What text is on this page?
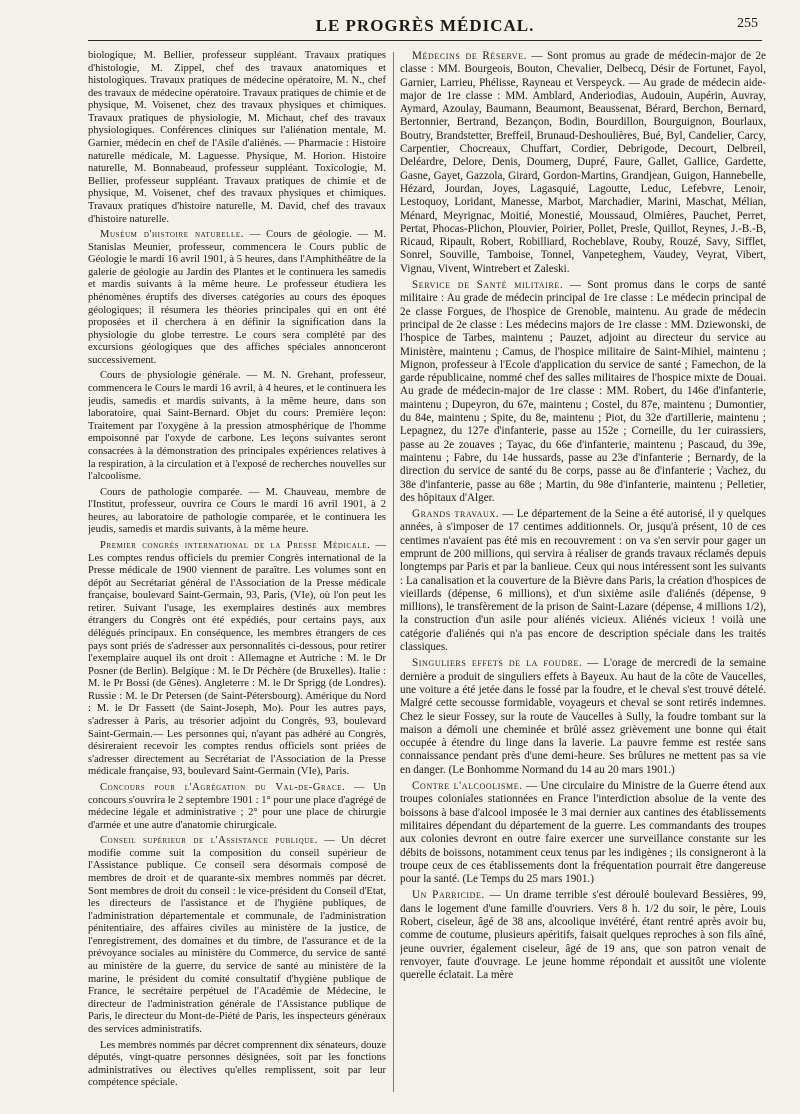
LE PROGRÈS MÉDICAL.	255

biologique, M. Bellier, professeur suppléant. Travaux pratiques d'histologie, M. Zippel, chef des travaux anatomiques et histologiques. Travaux pratiques de médecine opératoire, M. N., chef des travaux de médecine opératoire. Travaux pratiques de chimie et de physique, M. Voisenet, chez des travaux physiques et chimiques. Travaux pratiques de physiologie, M. Michaut, chef des travaux physiologiques. Conférences cliniques sur l'aliénation mentale, M. Garnier, médecin en chef de l'Asile d'aliénés. — Pharmacie : Histoire naturelle médicale, M. Laguesse. Physique, M. Horion. Histoire naturelle, M. Bonnabeaud, professeur suppléant. Toxicologie, M. Bellier, professeur suppléant. Travaux pratiques de chimie et de physique, M. Voisenet, chef des travaux physiques et chimiques. Travaux pratiques d'histoire naturelle, M. David, chef des travaux d'histoire naturelle.

Muséum d'histoire naturelle. — Cours de géologie. — M. Stanislas Meunier, professeur, commencera le Cours public de Géologie le mardi 16 avril 1901, à 5 heures, dans l'Amphithéâtre de la galerie de géologie au Jardin des Plantes et le continuera les samedis et mardis suivants à la même heure. Le professeur étudiera les phénomènes éruptifs des diverses catégories au cours des époques géologiques; il résumera les théories principales qui en ont été proposées et il cherchera à en définir la signification dans la physiologie du globe terrestre. Le cours sera complété par des excursions géologiques que des affiches spéciales annonceront successivement.

Cours de physiologie générale. — M. N. Grehant, professeur, commencera le Cours le mardi 16 avril, à 4 heures, et le continuera les jeudis, samedis et mardis suivants, à la même heure, dans son laboratoire, quai Saint-Bernard. Objet du cours: Première leçon: Traitement par l'oxygène à la pression atmosphérique de l'homme empoisonné par l'oxyde de carbone. Les leçons suivantes seront consacrées à la démonstration des principales expériences relatives à la respiration, à la circulation et à l'exposé de recherches nouvelles sur l'alcoolisme.

Cours de pathologie comparée. — M. Chauveau, membre de l'Institut, professeur, ouvrira ce Cours le mardi 16 avril 1901, à 2 heures, au laboratoire de pathologie comparée, et le continuera les jeudis, samedis et mardis suivants, à la même heure.

Premier congrès international de la Presse Médicale. — Les comptes rendus officiels du premier Congrès international de la Presse médicale de 1900 viennent de paraître. Les volumes sont en dépôt au Secrétariat général de l'Association de la Presse médicale française, boulevard Saint-Germain, 93, Paris, (VIe), où l'on peut les retirer. Suivant l'usage, les exemplaires destinés aux membres étrangers du Congrès ont été expédiés, pour certains pays, aux délégués principaux. En conséquence, les membres étrangers de ces pays sont priés de s'adresser aux personnalités ci-dessous, pour retirer l'exemplaire auquel ils ont droit : Allemagne et Autriche : M. le Dr Posner (de Berlin). Belgique : M. le Dr Péchère (de Bruxelles). Italie : M. le Pr Bossi (de Gênes). Angleterre : M. le Dr Sprigg (de Londres). Russie : M. le Dr Petersen (de Saint-Pétersbourg). Amérique du Nord : M. le Dr Fassett (de Saint-Joseph, Mo). Pour les autres pays, s'adresser à Paris, au trésorier adjoint du Congrès, 93, boulevard Saint-Germain.— Les personnes qui, n'ayant pas adhéré au Congrès, désireraient recevoir les comptes rendus officiels sont priées de s'adresser directement au Secrétariat de l'Association de la Presse médicale française, 93, boulevard Saint-Germain (VIe), Paris.

Concours pour l'Agrégation du Val-de-Grace. — Un concours s'ouvrira le 2 septembre 1901 : 1° pour une place d'agrégé de médecine légale et administrative ; 2° pour une place de chirurgie d'armée et une autre d'anatomie chirurgicale.

Conseil supérieur de l'Assistance publique. — Un décret modifie comme suit la composition du conseil supérieur de l'Assistance publique. Ce conseil sera désormais composé de membres de droit et de quarante-six membres nommés par décret. Sont membres de droit du conseil : le vice-président du Conseil d'Etat, les directeurs de l'assistance et de l'hygiène publiques, de l'administration départementale et communale, de l'administration pénitentiaire, des affaires civiles au ministère de la justice, de l'enregistrement, des domaines et du timbre, de l'assurance et de la prévoyance sociales au ministère du Commerce, du service de santé au ministère de la guerre, du service de santé au ministère de la marine, le président du comité consultatif d'hygiène publique de France, le secrétaire perpétuel de l'Académie de Médecine, le directeur de l'administration générale de l'Assistance publique de Paris, le directeur du Mont-de-Piété de Paris, les inspecteurs généraux des services administratifs.

Les membres nommés par décret comprennent dix sénateurs, douze députés, vingt-quatre personnes désignées, soit par les fonctions administratives ou électives qu'elles remplissent, soit par leur compétence spéciale.

Médecins de Réserve. — Sont promus au grade de médecin-major de 2e classe : MM. Bourgeois, Bouton, Chevalier, Delbecq, Désir de Fortunet, Fayol, Garnier, Larrieu, Phélisse, Rayneau et Verspeyck. — Au grade de médecin aide-major de 1re classe : MM. Amblard, Anderiodias, Audouin, Aupérin, Auvray, Aymard, Azoulay, Baumann, Beaumont, Beaussenat, Bérard, Berchon, Bernard, Bertonnier, Bertrand, Bezançon, Bodin, Bourdillon, Bourguignon, Bourlaux, Boutry, Brandstetter, Breffeil, Brunaud-Deshoulières, Bué, Byl, Candelier, Carcy, Carpentier, Chocreaux, Chuffart, Cordier, Debrigode, Decourt, Delbreil, Deléardre, Delore, Denis, Doumerg, Dupré, Faure, Gallet, Gallice, Gardette, Gasne, Gayet, Gazzola, Girard, Gordon-Martins, Grandjean, Guigon, Hannebelle, Hézard, Jourdan, Joyes, Lagasquié, Lagoutte, Leduc, Lefebvre, Lenoir, Lestoquoy, Loridant, Manesse, Marbot, Marchadier, Marini, Maschat, Mélian, Ménard, Meyrignac, Moitié, Monestié, Moussaud, Olmières, Pauchet, Perret, Pertat, Phocas-Plichon, Plouvier, Poirier, Pollet, Presle, Quillot, Reynes, J.-B.-B, Ricaud, Ripault, Robert, Robilliard, Rocheblave, Rouby, Rouzé, Savy, Sifflet, Sonrel, Souville, Tamboise, Tonnel, Vanpeteghem, Vaudey, Veyrat, Vibert, Vignau, Vivent, Wintrebert et Zaleski.

Service de Santé militaire. — Sont promus dans le corps de santé militaire : Au grade de médecin principal de 1re classe : Le médecin principal de 2e classe Forgues, de l'hospice de Grenoble, maintenu. Au grade de médecin principal de 2e classe : Les médecins majors de 1re classe : MM. Dziewonski, de l'hospice de Tarbes, maintenu ; Pauzet, adjoint au directeur du service au Ministère, maintenu ; Camus, de l'hospice militaire de Saint-Mihiel, maintenu ; Mignon, professeur à l'Ecole d'application du service de santé ; Famechon, de la garde républicaine, nommé chef des salles militaires de l'hospice mixte de Douai. Au grade de médecin-major de 1re classe : MM. Robert, du 146e d'infanterie, maintenu ; Dupeyron, du 67e, maintenu ; Costel, du 87e, maintenu ; Dumontier, du 84e, maintenu ; Spite, du 8e, maintenu ; Piot, du 32e d'artillerie, maintenu ; Lepagnez, du 127e d'infanterie, passe au 152e ; Corneille, du 1er cuirassiers, passe au 2e zouaves ; Tayac, du 66e d'infanterie, maintenu ; Pascaud, du 39e, maintenu ; Fabre, du 14e hussards, passe au 23e d'infanterie ; Bernardy, de la direction du service de santé du 8e corps, passe au 8e d'infanterie ; Vachez, du 38e d'infanterie, passe au 68e ; Martin, du 98e d'infanterie, maintenu ; Pelletier, des hôpitaux d'Alger.

Grands travaux. — Le département de la Seine a été autorisé, il y quelques années, à s'imposer de 17 centimes additionnels. Or, jusqu'à présent, 10 de ces centimes n'avaient pas été mis en recouvrement : on va s'en servir pour gager un emprunt de 200 millions, qui servira à réaliser de grands travaux réclamés depuis longtemps par Paris et par la banlieue. Ceux qui nous intéressent sont les suivants : La canalisation et la couverture de la Bièvre dans Paris, la création d'hospices de vieillards (dépense, 6 millions), et d'un sixième asile d'aliénés (dépense, 9 millions), le transfèrement de la prison de Saint-Lazare (dépense, 4 millions 1/2), la construction d'un asile pour aliénés vicieux. Aliénés vicieux ! voilà une catégorie d'aliénés qui n'a pas encore de description spéciale dans les traités classiques.

Singuliers effets de la foudre. — L'orage de mercredi de la semaine dernière a produit de singuliers effets à Bayeux. Au haut de la côte de Vaucelles, une voiture a été jetée dans le fossé par la foudre, et le cheval s'est trouvé dételé. Malgré cette secousse formidable, voyageurs et cheval se sont retirés indemnes. Chez le sieur Fossey, sur la route de Vaucelles à Sully, la foudre tombant sur la maison a démoli une cheminée et brûlé assez grièvement une bonne qui était occupée à étendre du linge dans la laverie. La pauvre femme est restée sans connaissance pendant près d'une demi-heure. Ses brûlures ne mettent pas sa vie en danger. (Le Bonhomme Normand du 14 au 20 mars 1901.)

Contre l'alcoolisme. — Une circulaire du Ministre de la Guerre étend aux troupes coloniales stationnées en France l'interdiction absolue de la vente des boissons à base d'alcool imposée le 3 mai dernier aux cantines des établissements militaires dépendant du département de la guerre. Les commandants des troupes aux colonies devront en outre faire exercer une surveillance constante sur les débits de boissons, notamment ceux tenus par les indigènes ; ils consigneront à la troupe ceux de ces établissements dont la fréquentation pourrait être dangereuse pour la santé. (Le Temps du 25 mars 1901.)

Un Parricide. — Un drame terrible s'est déroulé boulevard Bessières, 99, dans le logement d'une famille d'ouvriers. Vers 8 h. 1/2 du soir, le père, Louis Robert, ciseleur, âgé de 38 ans, alcoolique invétéré, étant rentré après avoir bu, comme de coutume, plusieurs apéritifs, faisait quelques reproches à son fils aîné, jeune ouvrier, également ciseleur, âgé de 19 ans, que son patron venait de renvoyer, faute d'ouvrage. Le jeune homme répondait et aussitôt une violente querelle éclatait. La mère
